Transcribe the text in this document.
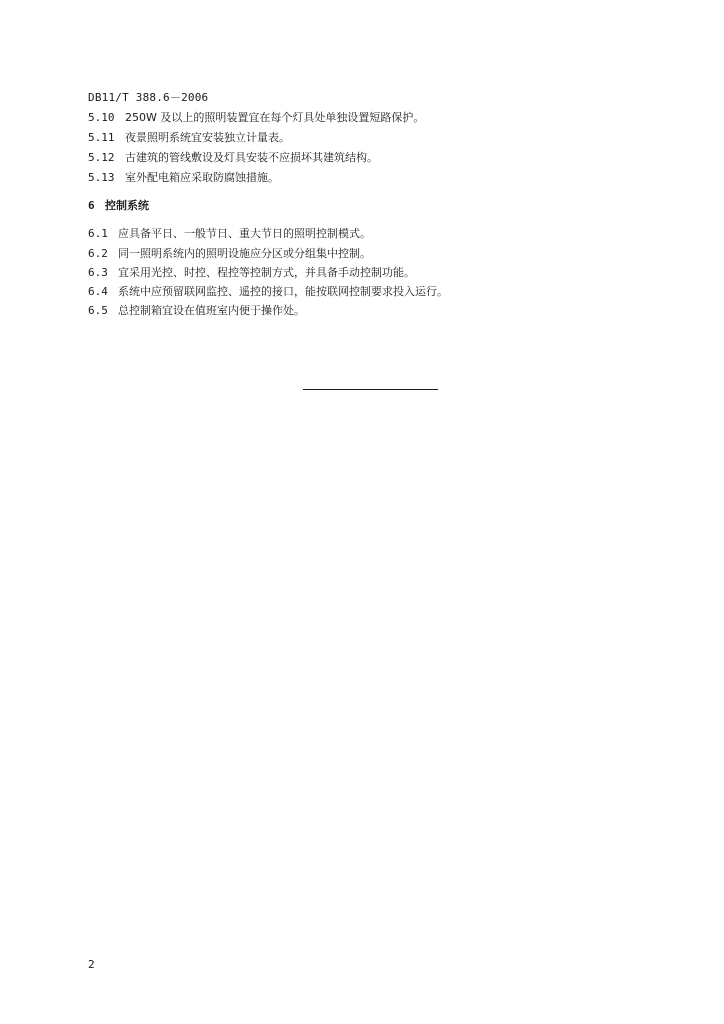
DB11/T 388.6－2006
5.10 250W 及以上的照明装置宜在每个灯具处单独设置短路保护。
5.11 夜景照明系统宜安装独立计量表。
5.12 古建筑的管线敷设及灯具安装不应损坏其建筑结构。
5.13 室外配电箱应采取防腐蚀措施。
6 控制系统
6.1 应具备平日、一般节日、重大节日的照明控制模式。
6.2 同一照明系统内的照明设施应分区或分组集中控制。
6.3 宜采用光控、时控、程控等控制方式，并具备手动控制功能。
6.4 系统中应预留联网监控、遥控的接口，能按联网控制要求投入运行。
6.5 总控制箱宜设在值班室内便于操作处。
2
